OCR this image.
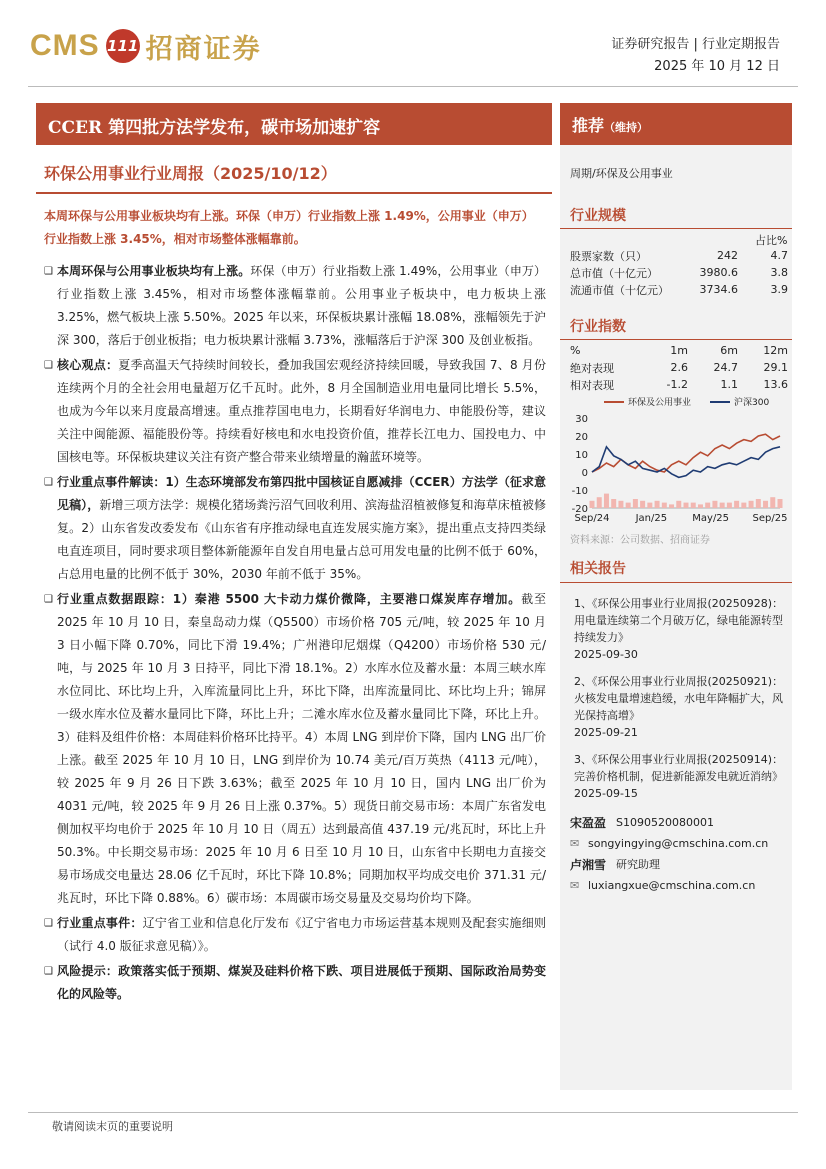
CMS 111 招商证券	证券研究报告 | 行业定期报告
2025 年 10 月 12 日
CCER 第四批方法学发布，碳市场加速扩容	推荐（维持）
环保公用事业行业周报（2025/10/12）
本周环保与公用事业板块均有上涨。环保（申万）行业指数上涨 1.49%，公用事业（申万）行业指数上涨 3.45%，相对市场整体涨幅靠前。
❑ 本周环保与公用事业板块均有上涨。环保（申万）行业指数上涨 1.49%，公用事业（申万）行业指数上涨 3.45%，相对市场整体涨幅靠前。公用事业子板块中，电力板块上涨 3.25%，燃气板块上涨 5.50%。2025 年以来，环保板块累计涨幅 18.08%，涨幅领先于沪深 300，落后于创业板指；电力板块累计涨幅 3.73%，涨幅落后于沪深 300 及创业板指。
❑ 核心观点：夏季高温天气持续时间较长，叠加我国宏观经济持续回暖，导致我国 7、8 月份连续两个月的全社会用电量超万亿千瓦时。此外，8 月全国制造业用电量同比增长 5.5%，也成为今年以来月度最高增速。重点推荐国电电力，长期看好华润电力、申能股份等，建议关注中闽能源、福能股份等。持续看好核电和水电投资价值，推荐长江电力、国投电力、中国核电等。环保板块建议关注有资产整合带来业绩增量的瀚蓝环境等。
❑ 行业重点事件解读：1）生态环境部发布第四批中国核证自愿减排（CCER）方法学（征求意见稿），新增三项方法学：规模化猪场粪污沼气回收利用、滨海盐沼植被修复和海草床植被修复。2）山东省发改委发布《山东省有序推动绿电直连发展实施方案》，提出重点支持四类绿电直连项目，同时要求项目整体新能源年自发自用电量占总可用发电量的比例不低于 60%，占总用电量的比例不低于 30%，2030 年前不低于 35%。
❑ 行业重点数据跟踪：1）秦港 5500 大卡动力煤价微降，主要港口煤炭库存增加。截至 2025 年 10 月 10 日，秦皇岛动力煤（Q5500）市场价格 705 元/吨，较 2025 年 10 月 3 日小幅下降 0.70%，同比下滑 19.4%；广州港印尼烟煤（Q4200）市场价格 530 元/吨，与 2025 年 10 月 3 日持平，同比下滑 18.1%。2）水库水位及蓄水量：本周三峡水库水位同比、环比均上升，入库流量同比上升，环比下降，出库流量同比、环比均上升；锦屏一级水库水位及蓄水量同比下降，环比上升；二滩水库水位及蓄水量同比下降，环比上升。3）硅料及组件价格：本周硅料价格环比持平。4）本周 LNG 到岸价下降，国内 LNG 出厂价上涨。截至 2025 年 10 月 10 日，LNG 到岸价为 10.74 美元/百万英热（4113 元/吨），较 2025 年 9 月 26 日下跌 3.63%；截至 2025 年 10 月 10 日，国内 LNG 出厂价为 4031 元/吨，较 2025 年 9 月 26 日上涨 0.37%。5）现货日前交易市场：本周广东省发电侧加权平均电价于 2025 年 10 月 10 日（周五）达到最高值 437.19 元/兆瓦时，环比上升 50.3%。中长期交易市场：2025 年 10 月 6 日至 10 月 10 日，山东省中长期电力直接交易市场成交电量达 28.06 亿千瓦时，环比下降 10.8%；同期加权平均成交电价 371.31 元/兆瓦时，环比下降 0.88%。6）碳市场：本周碳市场交易量及交易均价均下降。
❑ 行业重点事件：辽宁省工业和信息化厅发布《辽宁省电力市场运营基本规则及配套实施细则（试行 4.0 版征求意见稿）》。
❑ 风险提示：政策落实低于预期、煤炭及硅料价格下跌、项目进展低于预期、国际政治局势变化的风险等。
周期/环保及公用事业
行业规模
占比%
股票家数（只）	242	4.7
总市值（十亿元）	3980.6	3.8
流通市值（十亿元）	3734.6	3.9
行业指数
%	1m	6m	12m
绝对表现	2.6	24.7	29.1
相对表现	-1.2	1.1	13.6
30
20
10
0
-10
-20
Sep/24	Jan/25	May/25 Sep/25
环保及公用事业	沪深300
资料来源：公司数据、招商证券
相关报告
1、《环保公用事业行业周报(20250928)：用电量连续第二个月破万亿，绿电能源转型持续发力》
2025-09-30
2、《环保公用事业行业周报(20250921)：火核发电量增速趋缓，水电年降幅扩大，风光保持高增》
2025-09-21
3、《环保公用事业行业周报(20250914)：完善价格机制，促进新能源发电就近消纳》
2025-09-15
宋盈盈 S1090520080001
✉ songyingying@cmschina.com.cn
卢湘雪 研究助理
✉ luxiangxue@cmschina.com.cn
敬请阅读末页的重要说明
